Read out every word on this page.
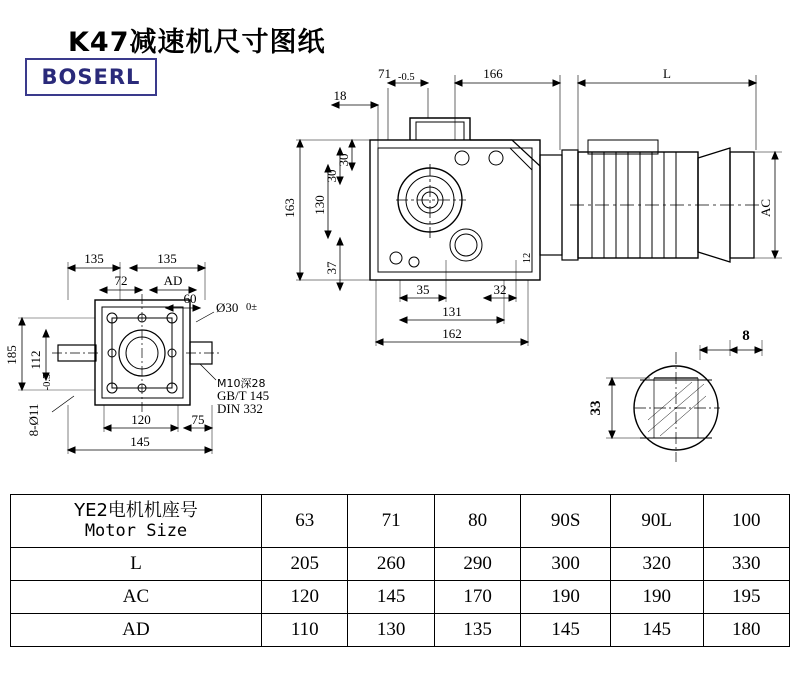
K47减速机尺寸图纸
BOSERL	71 -0.5	166	L
18
30
30
130
163
37
35	32
131
162
12
AC
135	135
72	AD
60
185 112
-0.5
8-Ø11	120	75
145
Ø30 0±
M10深28
GB/T 145
DIN 332
8
33
YE2电机机座号
Motor Size	63	71	80	90S	90L	100
L	205	260	290	300	320	330
AC	120	145	170	190	190	195
AD	110	130	135	145	145	180
